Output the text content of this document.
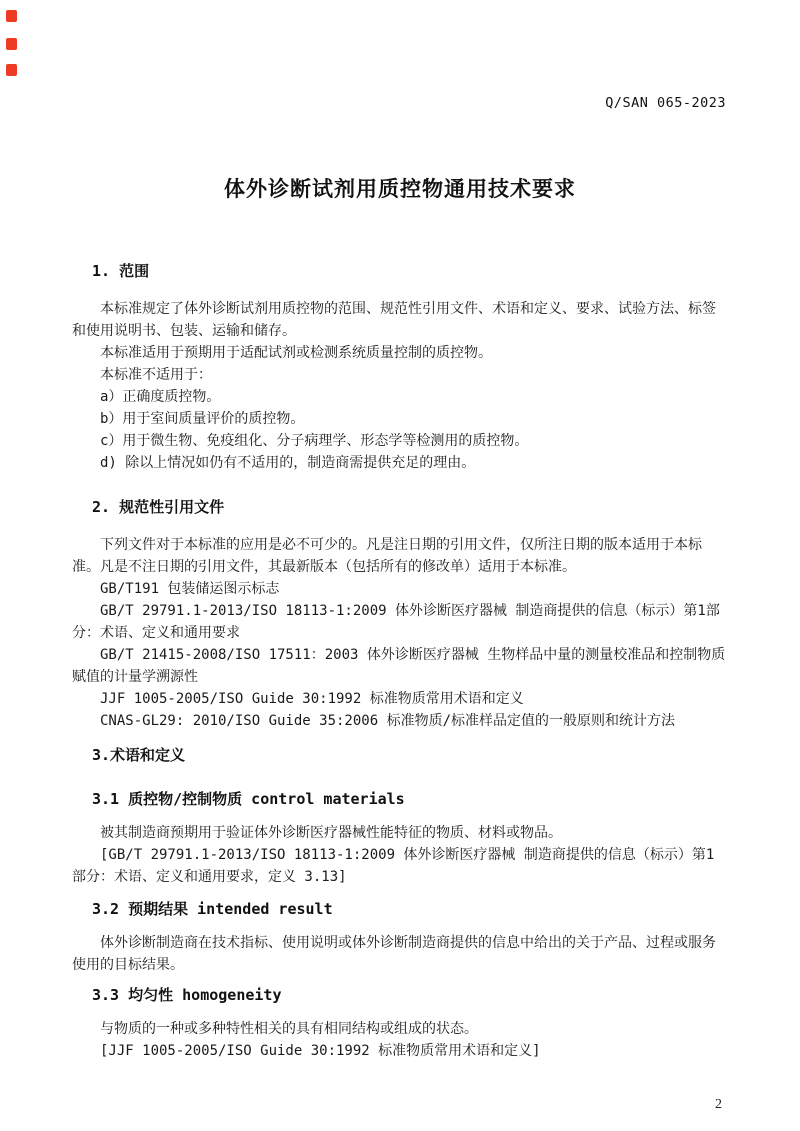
Q/SAN 065-2023
体外诊断试剂用质控物通用技术要求
1. 范围

本标准规定了体外诊断试剂用质控物的范围、规范性引用文件、术语和定义、要求、试验方法、标签和使用说明书、包装、运输和储存。

本标准适用于预期用于适配试剂或检测系统质量控制的质控物。

本标准不适用于：

a）正确度质控物。

b）用于室间质量评价的质控物。

c）用于微生物、免疫组化、分子病理学、形态学等检测用的质控物。

d) 除以上情况如仍有不适用的，制造商需提供充足的理由。

2. 规范性引用文件

下列文件对于本标准的应用是必不可少的。凡是注日期的引用文件，仅所注日期的版本适用于本标准。凡是不注日期的引用文件，其最新版本（包括所有的修改单）适用于本标准。

GB/T191 包装储运图示标志

GB/T 29791.1-2013/ISO 18113-1:2009 体外诊断医疗器械 制造商提供的信息（标示）第1部分：术语、定义和通用要求

GB/T 21415-2008/ISO 17511：2003 体外诊断医疗器械 生物样品中量的测量校准品和控制物质赋值的计量学溯源性

JJF 1005-2005/ISO Guide 30:1992 标准物质常用术语和定义

CNAS-GL29: 2010/ISO Guide 35:2006 标准物质/标准样品定值的一般原则和统计方法

3.术语和定义
3.1 质控物/控制物质 control materials

被其制造商预期用于验证体外诊断医疗器械性能特征的物质、材料或物品。

[GB/T 29791.1-2013/ISO 18113-1:2009 体外诊断医疗器械 制造商提供的信息（标示）第1部分：术语、定义和通用要求，定义 3.13]

3.2 预期结果 intended result

体外诊断制造商在技术指标、使用说明或体外诊断制造商提供的信息中给出的关于产品、过程或服务使用的目标结果。

3.3 均匀性 homogeneity

与物质的一种或多种特性相关的具有相同结构或组成的状态。

[JJF 1005-2005/ISO Guide 30:1992 标准物质常用术语和定义]

2
